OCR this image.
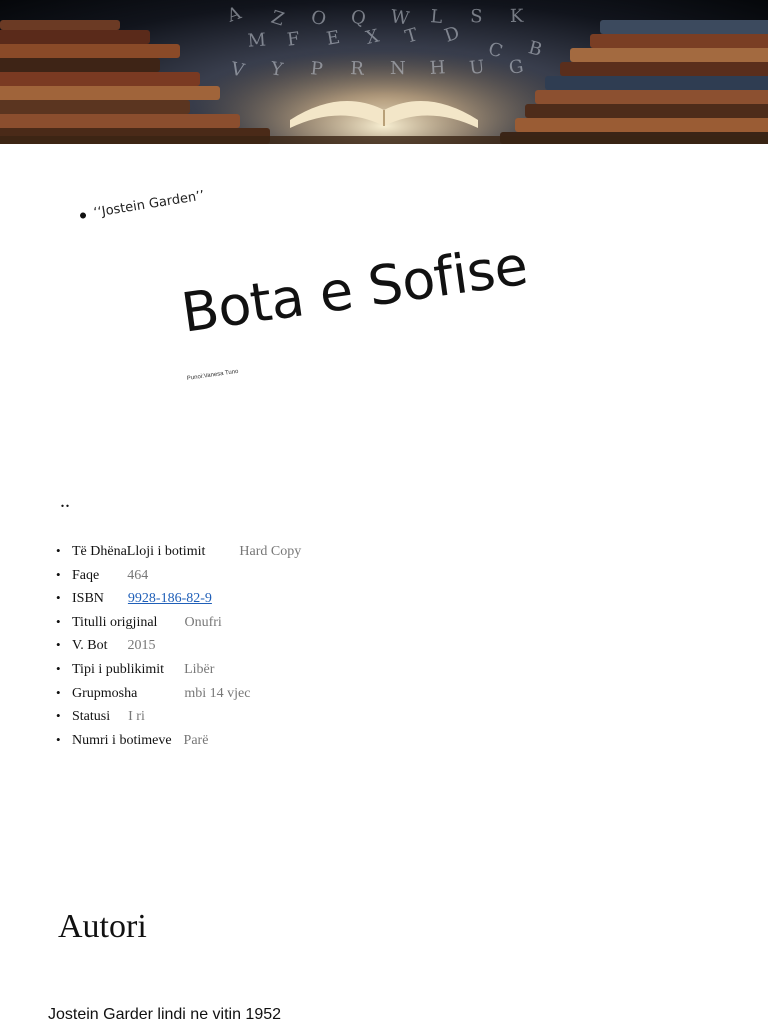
A Z O Q W L S K
M F E X T D
C B
V Y P R N H U G
‘‘Jostein Garden’’
Bota e Sofise
Punoi:Vanesa Tuno
..
• Të DhënaLloji i botimit Hard Copy
• Faqe 464
• ISBN 9928-186-82-9
• Titulli origjinal Onufri
• V. Bot 2015
• Tipi i publikimit Libër
• Grupmosha	mbi 14 vjec
• Statusi I ri
• Numri i botimeve Parë
Autori
Jostein Garder lindi ne vitin 1952
